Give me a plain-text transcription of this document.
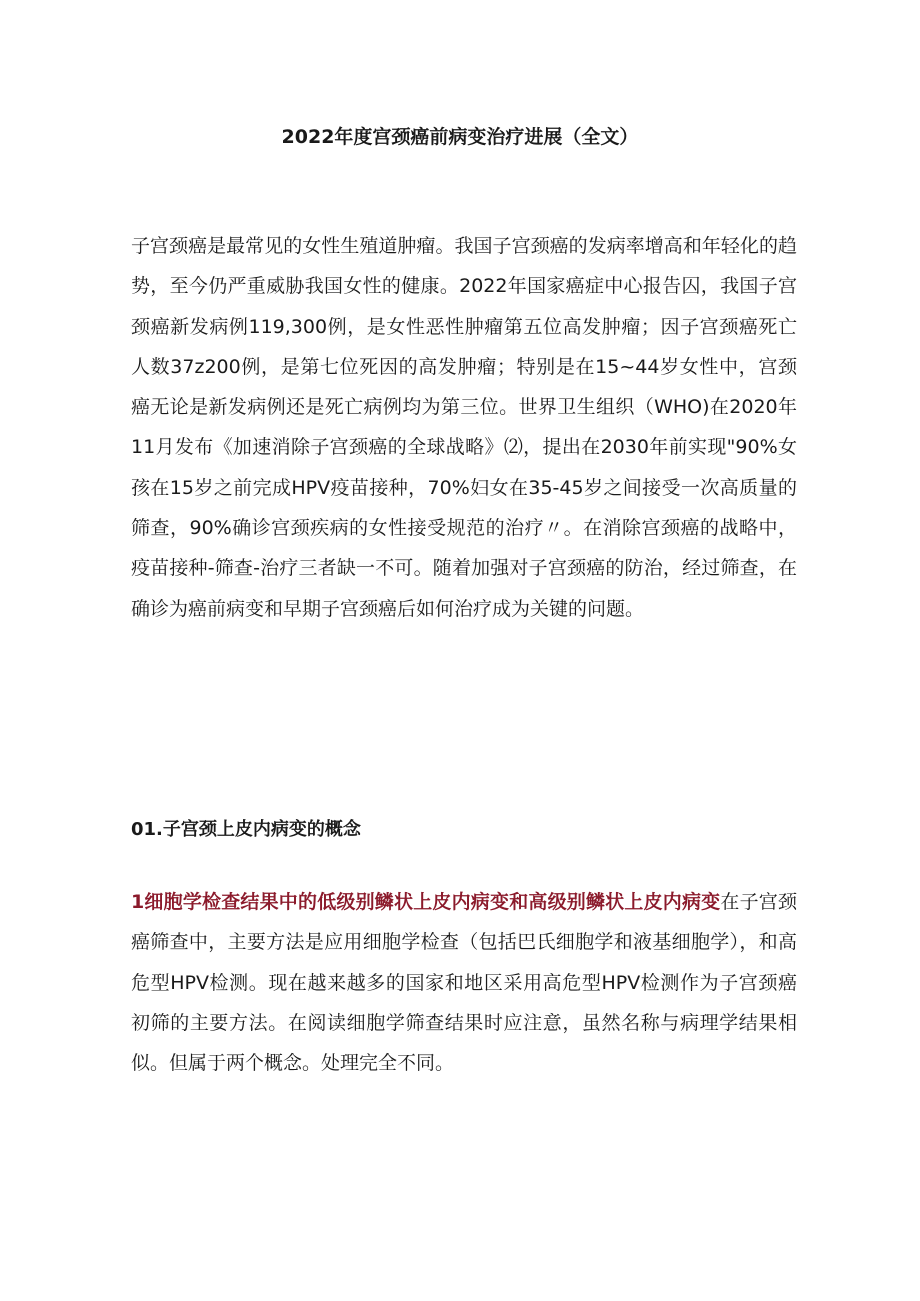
2022年度宫颈癌前病变治疗进展（全文）

子宫颈癌是最常见的女性生殖道肿瘤。我国子宫颈癌的发病率增高和年轻化的趋势，至今仍严重威胁我国女性的健康。2022年国家癌症中心报告囚，我国子宫颈癌新发病例119,300例，是女性恶性肿瘤第五位高发肿瘤；因子宫颈癌死亡人数37z200例，是第七位死因的高发肿瘤；特别是在15~44岁女性中，宫颈癌无论是新发病例还是死亡病例均为第三位。世界卫生组织（WHO)在2020年11月发布《加速消除子宫颈癌的全球战略》⑵，提出在2030年前实现"90%女孩在15岁之前完成HPV疫苗接种，70%妇女在35-45岁之间接受一次高质量的筛查，90%确诊宫颈疾病的女性接受规范的治疗〃。在消除宫颈癌的战略中，疫苗接种-筛查-治疗三者缺一不可。随着加强对子宫颈癌的防治，经过筛查，在确诊为癌前病变和早期子宫颈癌后如何治疗成为关键的问题。

01.子宫颈上皮内病变的概念

1细胞学检查结果中的低级别鳞状上皮内病变和高级别鳞状上皮内病变在子宫颈癌筛查中，主要方法是应用细胞学检查（包括巴氏细胞学和液基细胞学），和高危型HPV检测。现在越来越多的国家和地区采用高危型HPV检测作为子宫颈癌初筛的主要方法。在阅读细胞学筛查结果时应注意，虽然名称与病理学结果相似。但属于两个概念。处理完全不同。
